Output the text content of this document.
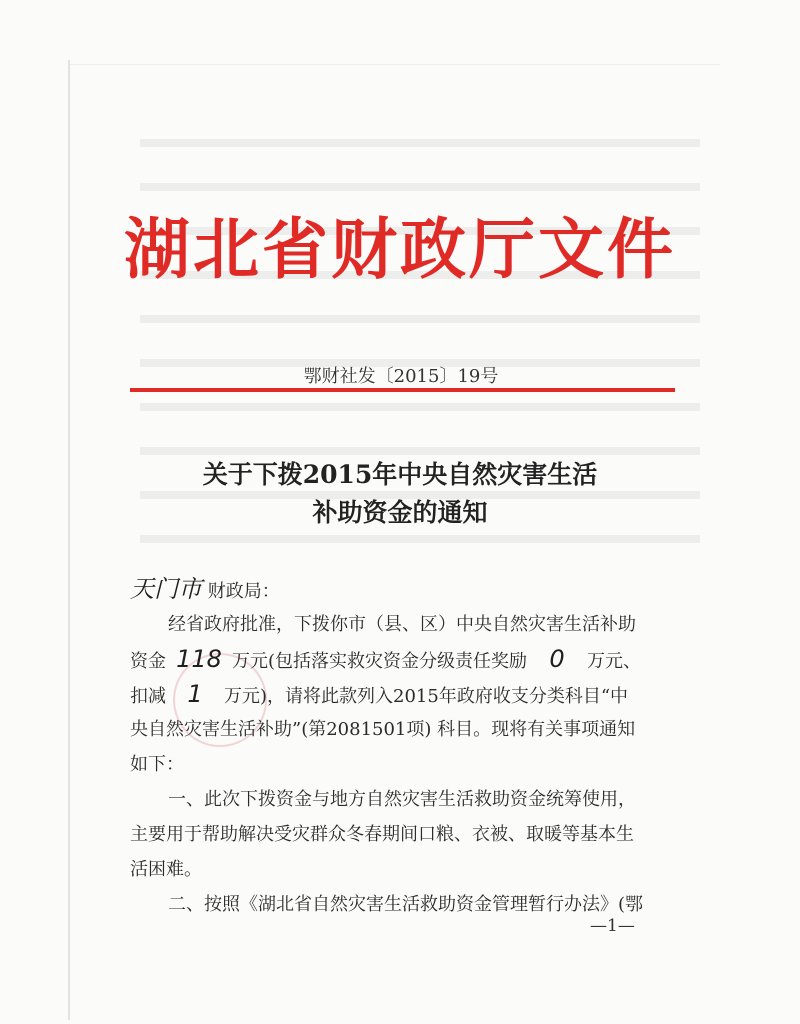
湖北省财政厅文件
鄂财社发〔2015〕19号
关于下拨2015年中央自然灾害生活
补助资金的通知
天门市 财政局：
经省政府批准，下拨你市（县、区）中央自然灾害生活补助
资金 118 万元(包括落实救灾资金分级责任奖励 0 万元、
扣减 1 万元)，请将此款列入2015年政府收支分类科目“中
央自然灾害生活补助”(第2081501项) 科目。现将有关事项通知
如下：
一、此次下拨资金与地方自然灾害生活救助资金统筹使用，
主要用于帮助解决受灾群众冬春期间口粮、衣被、取暖等基本生
活困难。
二、按照《湖北省自然灾害生活救助资金管理暂行办法》(鄂
—1—
